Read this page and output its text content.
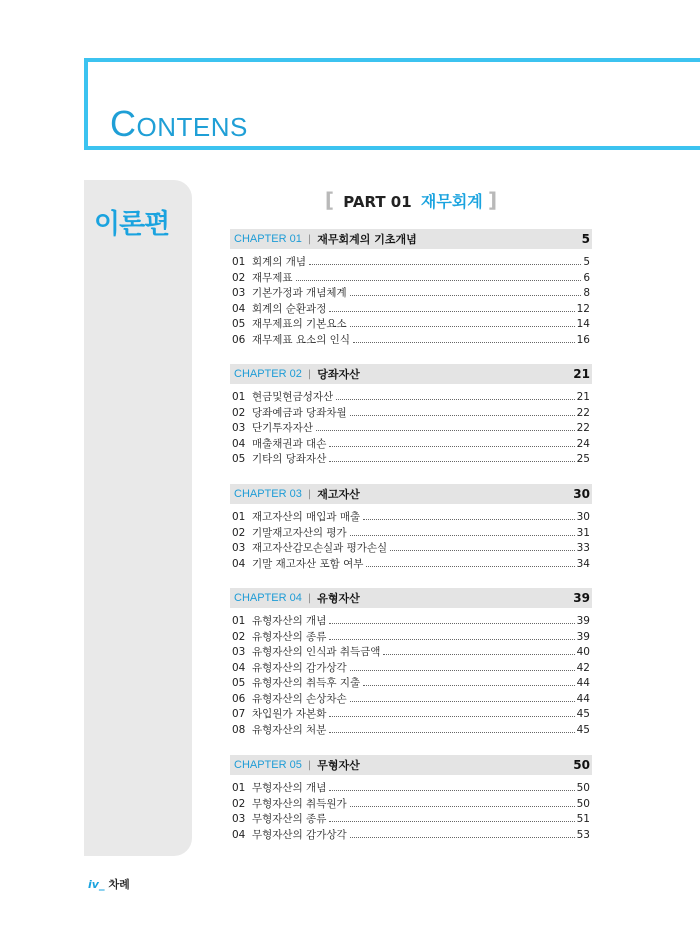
CONTENS
이론편
[ PART 01 재무회계 ]
CHAPTER 01 | 재무회계의 기초개념	5
01 회계의 개념	5
02 재무제표	6
03 기본가정과 개념체계	8
04 회계의 순환과정	12
05 재무제표의 기본요소	14
06 재무제표 요소의 인식	16
CHAPTER 02 | 당좌자산	21
01 현금및현금성자산	21
02 당좌예금과 당좌차월	22
03 단기투자자산	22
04 매출채권과 대손	24
05 기타의 당좌자산	25
CHAPTER 03 | 재고자산	30
01 재고자산의 매입과 매출	30
02 기말재고자산의 평가	31
03 재고자산감모손실과 평가손실	33
04 기말 재고자산 포함 여부	34
CHAPTER 04 | 유형자산	39
01 유형자산의 개념	39
02 유형자산의 종류	39
03 유형자산의 인식과 취득금액	40
04 유형자산의 감가상각	42
05 유형자산의 취득후 지출	44
06 유형자산의 손상차손	44
07 차입원가 자본화	45
08 유형자산의 처분	45
CHAPTER 05 | 무형자산	50
01 무형자산의 개념	50
02 무형자산의 취득원가	50
03 무형자산의 종류	51
04 무형자산의 감가상각	53
iv_ 차례
